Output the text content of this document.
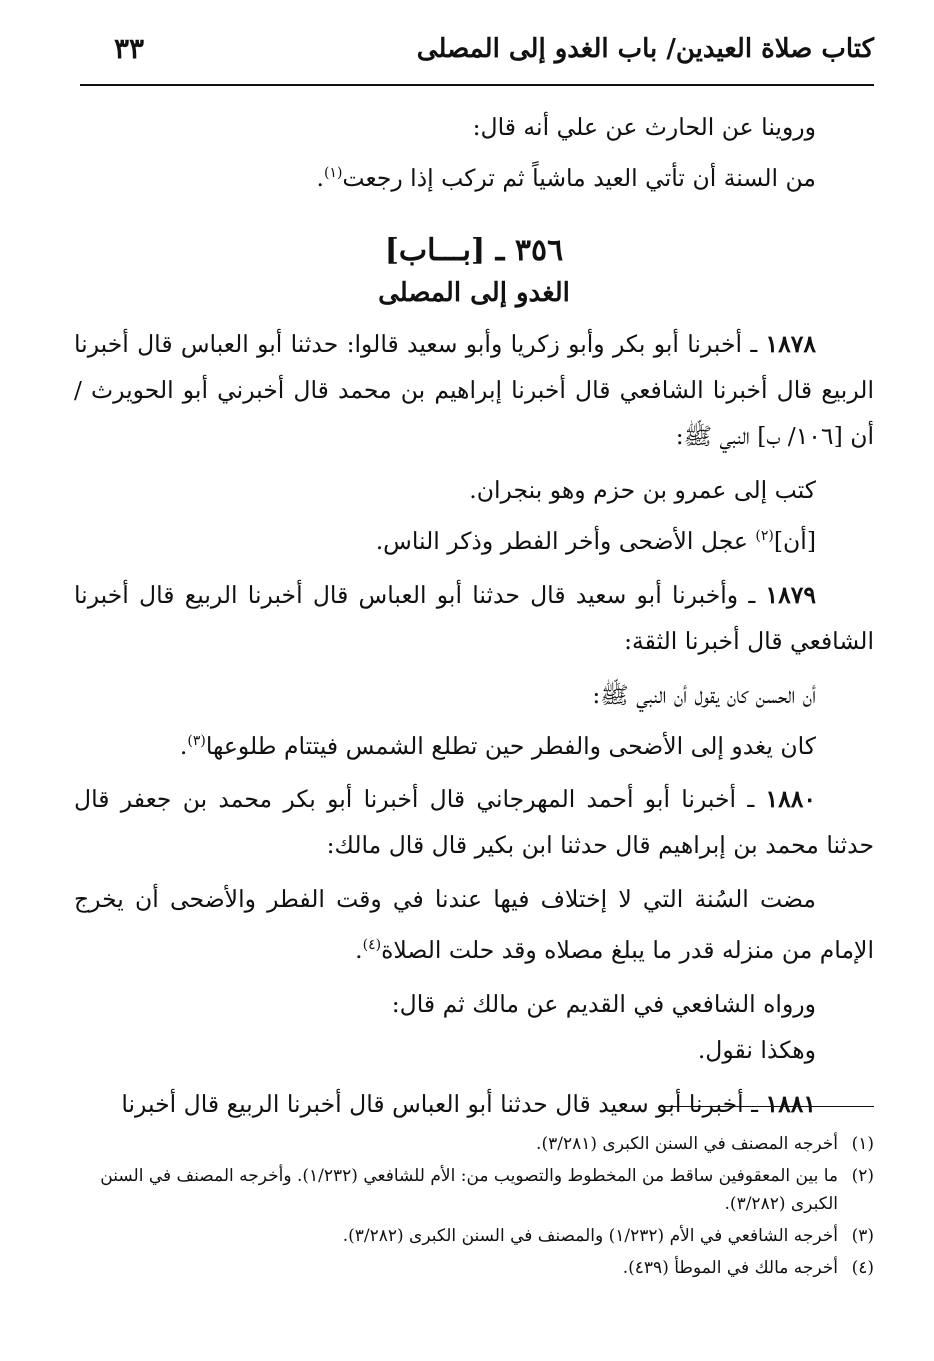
كتاب صلاة العيدين/ باب الغدو إلى المصلى
٣٣

وروينا عن الحارث عن علي أنه قال:

من السنة أن تأتي العيد ماشياً ثم تركب إذا رجعت$^{(١)}$.

٣٥٦ ـ [بـــاب]
الغدو إلى المصلى

١٨٧٨ ـ أخبرنا أبو بكر وأبو زكريا وأبو سعيد قالوا: حدثنا أبو العباس قال أخبرنا الربيع قال أخبرنا الشافعي قال أخبرنا إبراهيم بن محمد قال أخبرني أبو الحويرث /أن [١٠٦/ ب] النبي ﷺ:

كتب إلى عمرو بن حزم وهو بنجران.

[أن]$^{(٢)}$ عجل الأضحى وأخر الفطر وذكر الناس.

١٨٧٩ ـ وأخبرنا أبو سعيد قال حدثنا أبو العباس قال أخبرنا الربيع قال أخبرنا الشافعي قال أخبرنا الثقة:

أن الحسن كان يقول أن النبي ﷺ:

كان يغدو إلى الأضحى والفطر حين تطلع الشمس فيتتام طلوعها$^{(٣)}$.

١٨٨٠ ـ أخبرنا أبو أحمد المهرجاني قال أخبرنا أبو بكر محمد بن جعفر قال حدثنا محمد بن إبراهيم قال حدثنا ابن بكير قال قال مالك:

مضت السُنة التي لا إختلاف فيها عندنا في وقت الفطر والأضحى أن يخرج الإمام من منزله قدر ما يبلغ مصلاه وقد حلت الصلاة$^{(٤)}$.

ورواه الشافعي في القديم عن مالك ثم قال:

وهكذا نقول.

١٨٨١ ـ أخبرنا أبو سعيد قال حدثنا أبو العباس قال أخبرنا الربيع قال أخبرنا

(١)أخرجه المصنف في السنن الكبرى (٣/٢٨١).

(٢)ما بين المعقوفين ساقط من المخطوط والتصويب من: الأم للشافعي (١/٢٣٢). وأخرجه المصنف في السنن الكبرى (٣/٢٨٢).

(٣)أخرجه الشافعي في الأم (١/٢٣٢) والمصنف في السنن الكبرى (٣/٢٨٢).

(٤)أخرجه مالك في الموطأ (٤٣٩).
